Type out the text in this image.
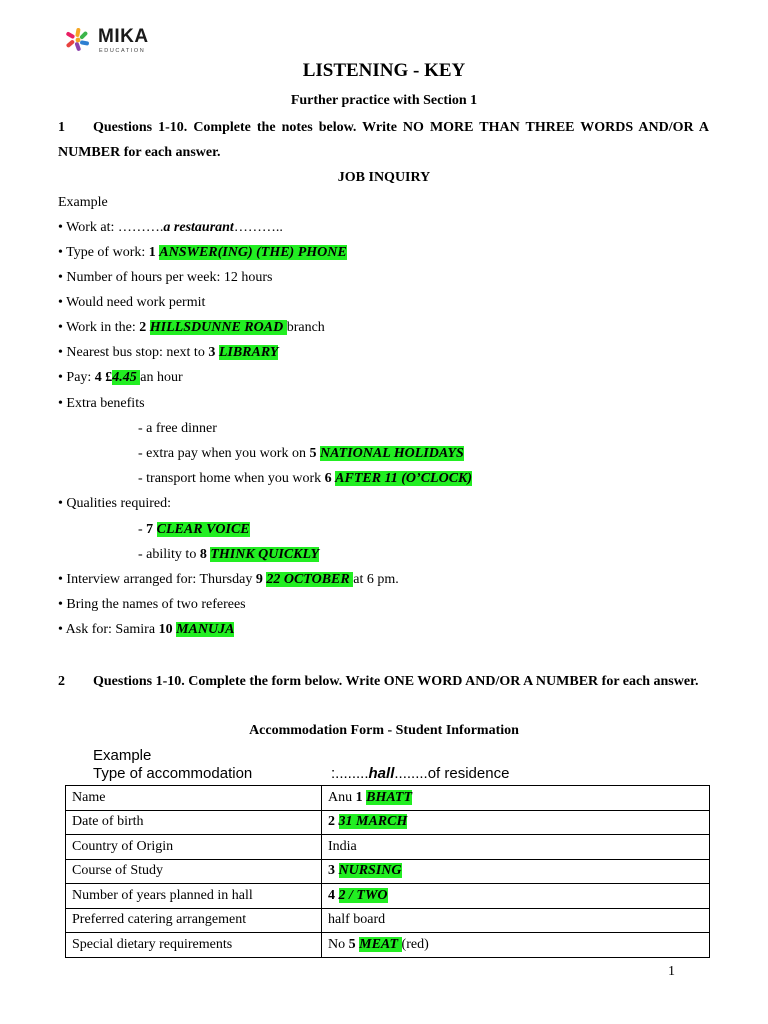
MIKA
EDUCATION
LISTENING - KEY
Further practice with Section 1
1 Questions 1-10. Complete the notes below. Write NO MORE THAN THREE WORDS AND/OR A NUMBER for each answer.
JOB INQUIRY
Example
• Work at: ……….a restaurant………..
• Type of work: 1 ANSWER(ING) (THE) PHONE
• Number of hours per week: 12 hours
• Would need work permit
• Work in the: 2 HILLSDUNNE ROAD branch
• Nearest bus stop: next to 3 LIBRARY
• Pay: 4 £4.45 an hour
• Extra benefits
- a free dinner
- extra pay when you work on 5 NATIONAL HOLIDAYS
- transport home when you work 6 AFTER 11 (O’CLOCK)
• Qualities required:
- 7 CLEAR VOICE
- ability to 8 THINK QUICKLY
• Interview arranged for: Thursday 9 22 OCTOBER at 6 pm.
• Bring the names of two referees
• Ask for: Samira 10 MANUJA
2 Questions 1-10. Complete the form below. Write ONE WORD AND/OR A NUMBER for each answer.
Accommodation Form - Student Information
Example
Type of accommodation	:........hall........of residence
Name	Anu 1 BHATT
Date of birth	2 31 MARCH
Country of Origin	India
Course of Study	3 NURSING
Number of years planned in hall	4 2 / TWO
Preferred catering arrangement	half board
Special dietary requirements	No 5 MEAT (red)
1
